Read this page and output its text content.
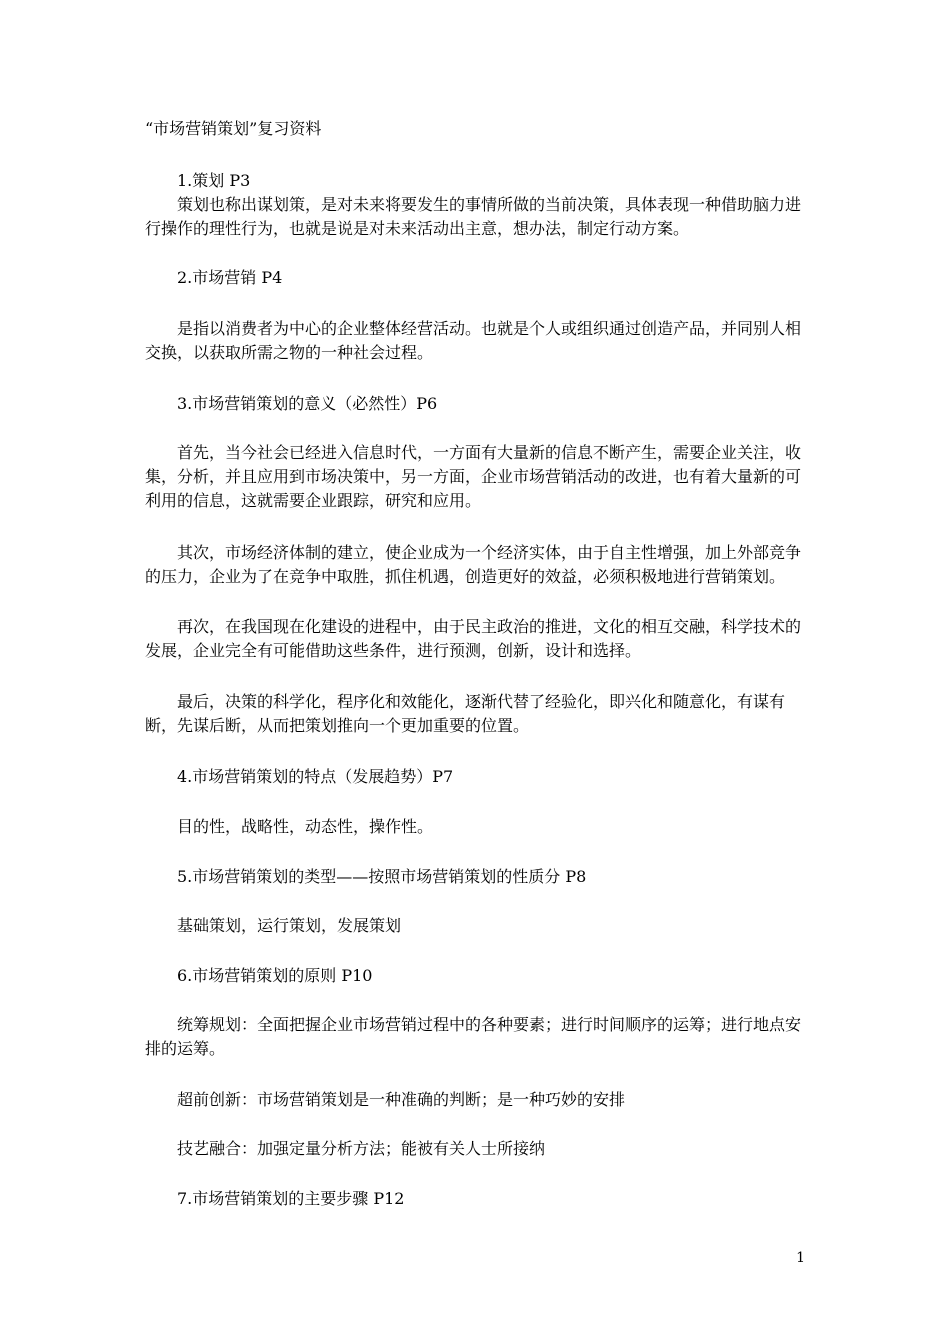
“市场营销策划”复习资料
1.策划 P3
策划也称出谋划策，是对未来将要发生的事情所做的当前决策，具体表现一种借助脑力进行操作的理性行为，也就是说是对未来活动出主意，想办法，制定行动方案。
2.市场营销 P4
是指以消费者为中心的企业整体经营活动。也就是个人或组织通过创造产品，并同别人相交换，以获取所需之物的一种社会过程。
3.市场营销策划的意义（必然性）P6
首先，当今社会已经进入信息时代，一方面有大量新的信息不断产生，需要企业关注，收集，分析，并且应用到市场决策中，另一方面，企业市场营销活动的改进，也有着大量新的可利用的信息，这就需要企业跟踪，研究和应用。
其次，市场经济体制的建立，使企业成为一个经济实体，由于自主性增强，加上外部竞争的压力，企业为了在竞争中取胜，抓住机遇，创造更好的效益，必须积极地进行营销策划。
再次，在我国现在化建设的进程中，由于民主政治的推进，文化的相互交融，科学技术的发展，企业完全有可能借助这些条件，进行预测，创新，设计和选择。
最后，决策的科学化，程序化和效能化，逐渐代替了经验化，即兴化和随意化，有谋有断，先谋后断，从而把策划推向一个更加重要的位置。
4.市场营销策划的特点（发展趋势）P7
目的性，战略性，动态性，操作性。
5.市场营销策划的类型——按照市场营销策划的性质分 P8
基础策划，运行策划，发展策划
6.市场营销策划的原则 P10
统筹规划：全面把握企业市场营销过程中的各种要素；进行时间顺序的运筹；进行地点安排的运筹。
超前创新：市场营销策划是一种准确的判断；是一种巧妙的安排
技艺融合：加强定量分析方法；能被有关人士所接纳
7.市场营销策划的主要步骤 P12
1
